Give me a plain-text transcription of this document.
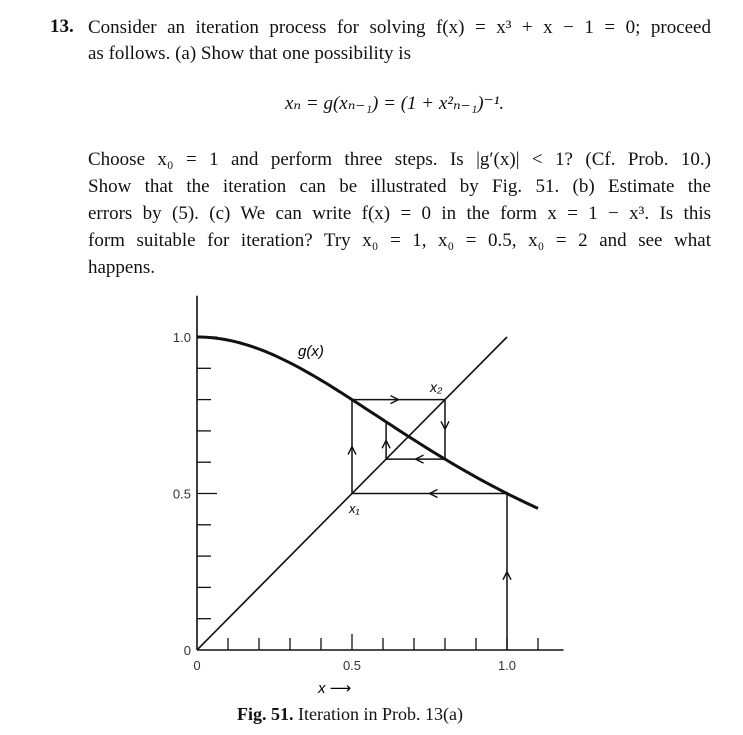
13. Consider an iteration process for solving f(x) = x³ + x − 1 = 0; proceed
as follows. (a) Show that one possibility is
xₙ = g(xₙ₋₁) = (1 + x²ₙ₋₁)⁻¹.
Choose x₀ = 1 and perform three steps. Is |g′(x)| < 1? (Cf. Prob. 10.)
Show that the iteration can be illustrated by Fig. 51. (b) Estimate the
errors by (5). (c) We can write f(x) = 0 in the form x = 1 − x³. Is this
form suitable for iteration? Try x₀ = 1, x₀ = 0.5, x₀ = 2 and see what
happens.
g(x)
x₂
x₁
x ⟶
0	0.5	1.0
0
0.5
1.0
Fig. 51. Iteration in Prob. 13(a)
